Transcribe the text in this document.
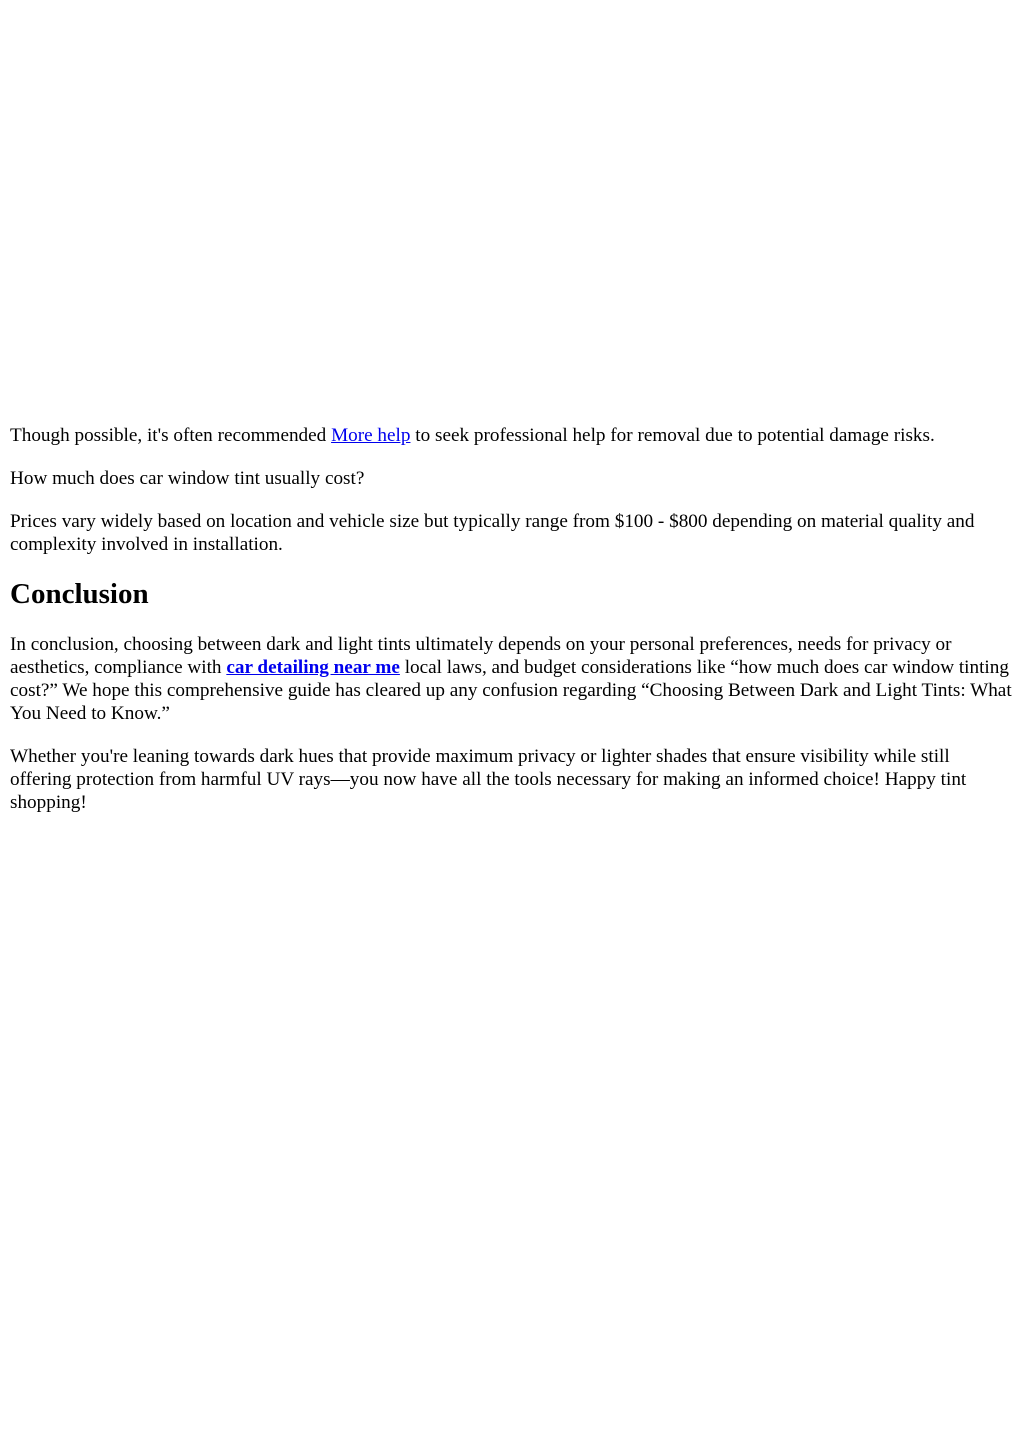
Though possible, it's often recommended More help to seek professional help for removal due to potential damage risks.

How much does car window tint usually cost?

Prices vary widely based on location and vehicle size but typically range from $100 - $800 depending on material quality and complexity involved in installation.

Conclusion

In conclusion, choosing between dark and light tints ultimately depends on your personal preferences, needs for privacy or aesthetics, compliance with car detailing near me local laws, and budget considerations like “how much does car window tinting cost?” We hope this comprehensive guide has cleared up any confusion regarding “Choosing Between Dark and Light Tints: What You Need to Know.”

Whether you're leaning towards dark hues that provide maximum privacy or lighter shades that ensure visibility while still offering protection from harmful UV rays—you now have all the tools necessary for making an informed choice! Happy tint shopping!
